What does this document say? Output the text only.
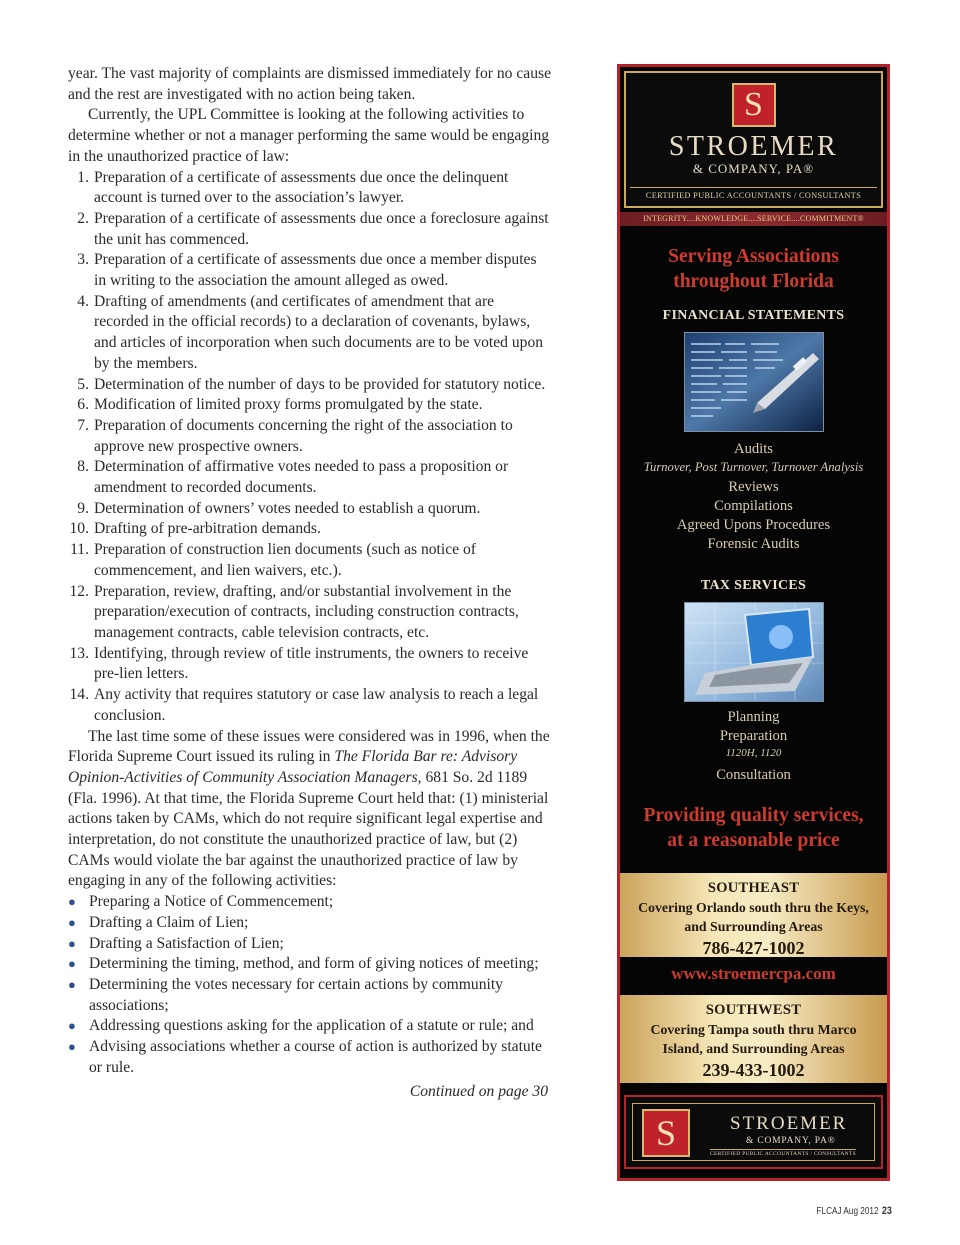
year. The vast majority of complaints are dismissed immediately for no cause and the rest are investigated with no action being taken.

Currently, the UPL Committee is looking at the following activities to determine whether or not a manager performing the same would be engaging in the unauthorized practice of law:

1. Preparation of a certificate of assessments due once the delinquent account is turned over to the association’s lawyer.
2. Preparation of a certificate of assessments due once a foreclosure against the unit has commenced.
3. Preparation of a certificate of assessments due once a member disputes in writing to the association the amount alleged as owed.
4. Drafting of amendments (and certificates of amendment that are recorded in the official records) to a declaration of covenants, bylaws, and articles of incorporation when such documents are to be voted upon by the members.
5. Determination of the number of days to be provided for statutory notice.
6. Modification of limited proxy forms promulgated by the state.
7. Preparation of documents concerning the right of the association to approve new prospective owners.
8. Determination of affirmative votes needed to pass a proposition or amendment to recorded documents.
9. Determination of owners’ votes needed to establish a quorum.
10. Drafting of pre-arbitration demands.
11. Preparation of construction lien documents (such as notice of commencement, and lien waivers, etc.).
12. Preparation, review, drafting, and/or substantial involvement in the preparation/execution of contracts, including construction contracts, management contracts, cable television contracts, etc.
13. Identifying, through review of title instruments, the owners to receive pre-lien letters.
14. Any activity that requires statutory or case law analysis to reach a legal conclusion.

The last time some of these issues were considered was in 1996, when the Florida Supreme Court issued its ruling in The Florida Bar re: Advisory Opinion-Activities of Community Association Managers, 681 So. 2d 1189 (Fla. 1996). At that time, the Florida Supreme Court held that: (1) ministerial actions taken by CAMs, which do not require significant legal expertise and interpretation, do not constitute the unauthorized practice of law, but (2) CAMs would violate the bar against the unauthorized practice of law by engaging in any of the following activities:

● Preparing a Notice of Commencement;
● Drafting a Claim of Lien;
● Drafting a Satisfaction of Lien;
● Determining the timing, method, and form of giving notices of meeting;
● Determining the votes necessary for certain actions by community associations;
● Addressing questions asking for the application of a statute or rule; and
● Advising associations whether a course of action is authorized by statute or rule.

Continued on page 30

S
STROEMER
& COMPANY, PA®
CERTIFIED PUBLIC ACCOUNTANTS / CONSULTANTS
INTEGRITY....KNOWLEDGE....SERVICE....COMMITMENT®
Serving Associations
throughout Florida
FINANCIAL STATEMENTS
Audits
Turnover, Post Turnover, Turnover Analysis
Reviews
Compilations
Agreed Upons Procedures
Forensic Audits
TAX SERVICES
Planning
Preparation
1120H, 1120
Consultation
Providing quality services,
at a reasonable price
SOUTHEAST
Covering Orlando south thru the Keys,
and Surrounding Areas
786-427-1002
www.stroemercpa.com
SOUTHWEST
Covering Tampa south thru Marco
Island, and Surrounding Areas
239-433-1002
S	STROEMER
& COMPANY, PA®
CERTIFIED PUBLIC ACCOUNTANTS / CONSULTANTS
FLCAJ Aug 2012 23
